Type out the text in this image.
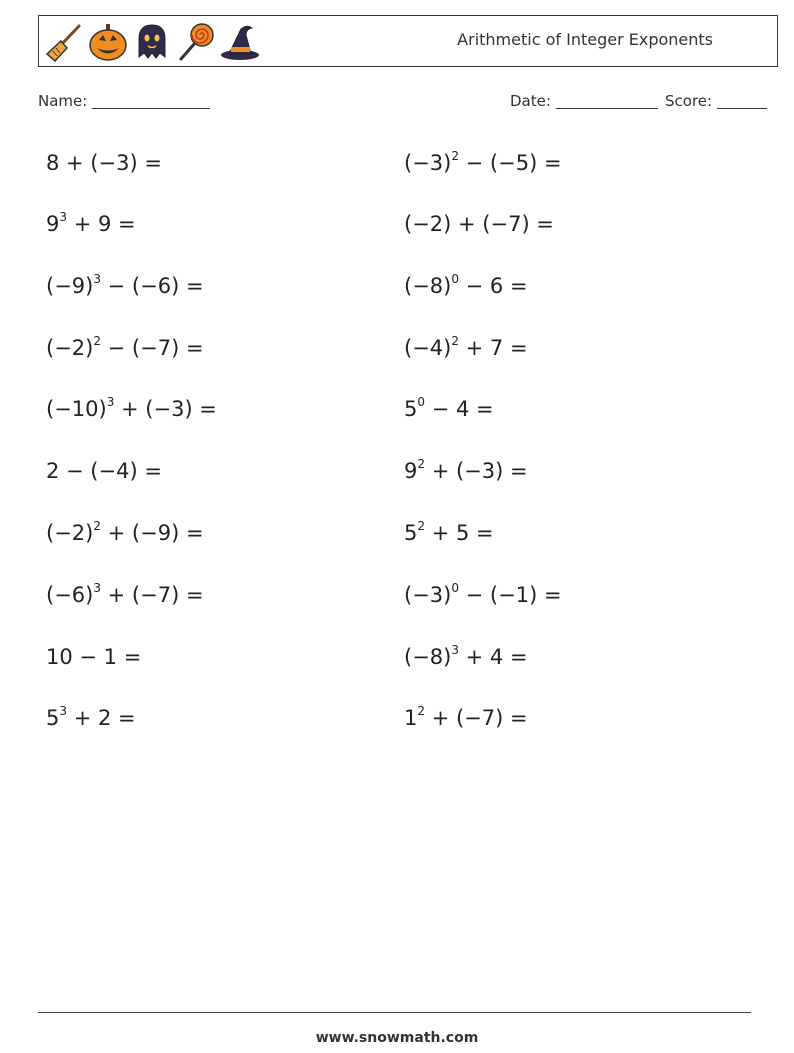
Arithmetic of Integer Exponents
Name:	Date:	Score:
8 + (−3) =
$9^3 + 9$ =
$(-9)^3 - (-6)$ =
$(-2)^2 - (-7)$ =
$(-10)^3 + (-3)$ =
2 − (−4) =
$(-2)^2 + (-9)$ =
$(-6)^3 + (-7)$ =
10 − 1 =
$5^3 + 2$ =
$(-3)^2 - (-5)$ =
(−2) + (−7) =
$(-8)^0 - 6$ =
$(-4)^2 + 7$ =
$5^0 - 4$ =
$9^2 + (-3)$ =
$5^2 + 5$ =
$(-3)^0 - (-1)$ =
$(-8)^3 + 4$ =
$1^2 + (-7)$ =
www.snowmath.com
